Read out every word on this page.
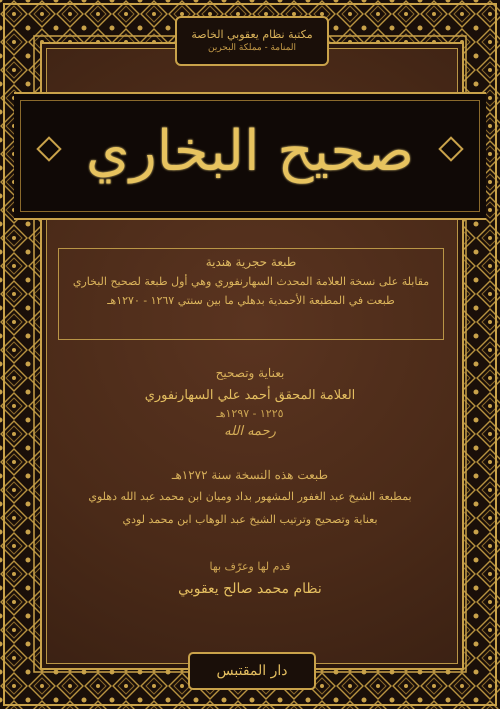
مكتبة نظام يعقوبي الخاصة
المنامة - مملكة البحرين
صحيح البخاري
طبعة حجرية هندية
مقابلة على نسخة العلامة المحدث السهارنفوري وهي أول طبعة لصحيح البخاري
طبعت في المطبعة الأحمدية بدهلي ما بين سنتي ١٢٦٧ - ١٢٧٠هـ
بعناية وتصحيح
العلامة المحقق أحمد علي السهارنفوري
١٢٢٥ - ١٢٩٧هـ
رحمه الله
طبعت هذه النسخة سنة ١٢٧٢هـ
بمطبعة الشيخ عبد الغفور المشهور بداد ومیان ابن محمد عبد الله دهلوي
بعناية وتصحيح وترتيب الشيخ عبد الوهاب ابن محمد لودي
قدم لها وعرّف بها
نظام محمد صالح يعقوبي
دار المقتبس
